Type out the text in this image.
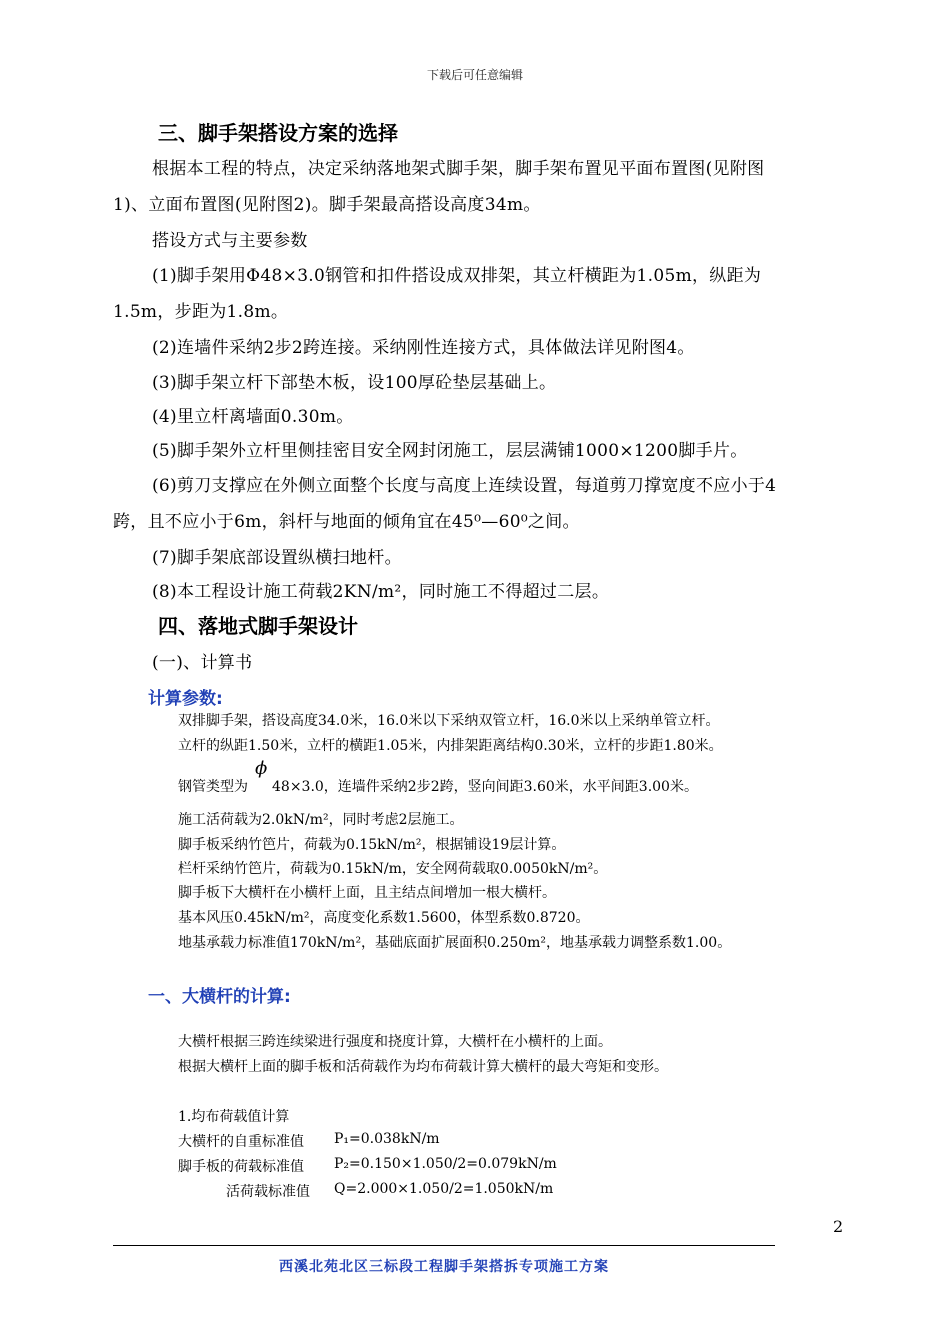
下载后可任意编辑
三、脚手架搭设方案的选择
根据本工程的特点，决定采纳落地架式脚手架，脚手架布置见平面布置图(见附图
1)、立面布置图(见附图2)。脚手架最高搭设高度34m。
搭设方式与主要参数
(1)脚手架用Φ48×3.0钢管和扣件搭设成双排架，其立杆横距为1.05m，纵距为
1.5m，步距为1.8m。
(2)连墙件采纳2步2跨连接。采纳刚性连接方式，具体做法详见附图4。
(3)脚手架立杆下部垫木板，设100厚砼垫层基础上。
(4)里立杆离墙面0.30m。
(5)脚手架外立杆里侧挂密目安全网封闭施工，层层满铺1000×1200脚手片。
(6)剪刀支撑应在外侧立面整个长度与高度上连续设置，每道剪刀撑宽度不应小于4
跨，且不应小于6m，斜杆与地面的倾角宜在45⁰—60⁰之间。
(7)脚手架底部设置纵横扫地杆。
(8)本工程设计施工荷载2KN/m²，同时施工不得超过二层。
四、落地式脚手架设计
(一)、计算书
计算参数:
双排脚手架，搭设高度34.0米，16.0米以下采纳双管立杆，16.0米以上采纳单管立杆。
立杆的纵距1.50米，立杆的横距1.05米，内排架距离结构0.30米，立杆的步距1.80米。
钢管类型为
ϕ
48×3.0，连墙件采纳2步2跨，竖向间距3.60米，水平间距3.00米。
施工活荷载为2.0kN/m²，同时考虑2层施工。
脚手板采纳竹笆片，荷载为0.15kN/m²，根据铺设19层计算。
栏杆采纳竹笆片，荷载为0.15kN/m，安全网荷载取0.0050kN/m²。
脚手板下大横杆在小横杆上面，且主结点间增加一根大横杆。
基本风压0.45kN/m²，高度变化系数1.5600，体型系数0.8720。
地基承载力标准值170kN/m²，基础底面扩展面积0.250m²，地基承载力调整系数1.00。
一、大横杆的计算:
大横杆根据三跨连续梁进行强度和挠度计算，大横杆在小横杆的上面。
根据大横杆上面的脚手板和活荷载作为均布荷载计算大横杆的最大弯矩和变形。
1.均布荷载值计算
大横杆的自重标准值 P₁=0.038kN/m
脚手板的荷载标准值 P₂=0.150×1.050/2=0.079kN/m
活荷载标准值 Q=2.000×1.050/2=1.050kN/m
2
西溪北苑北区三标段工程脚手架搭拆专项施工方案
